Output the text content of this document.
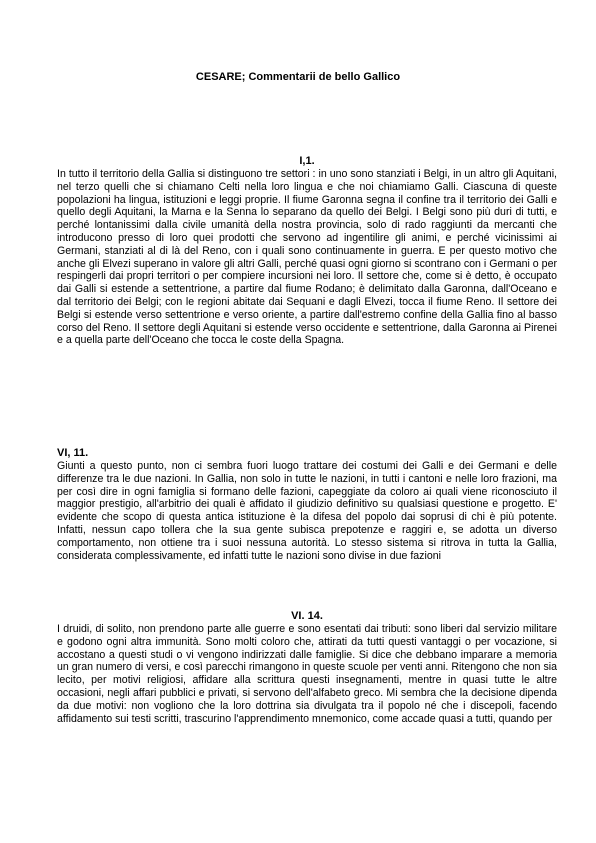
CESARE; Commentarii de bello Gallico
I,1.

In tutto il territorio della Gallia si distinguono tre settori : in uno sono stanziati i Belgi, in un altro gli Aquitani, nel terzo quelli che si chiamano Celti nella loro lingua e che noi chiamiamo Galli. Ciascuna di queste popolazioni ha lingua, istituzioni e leggi proprie. Il fiume Garonna segna il confine tra il territorio dei Galli e quello degli Aquitani, la Marna e la Senna lo separano da quello dei Belgi. I Belgi sono più duri di tutti, e perché lontanissimi dalla civile umanità della nostra provincia, solo di rado raggiunti da mercanti che introducono presso di loro quei prodotti che servono ad ingentilire gli animi, e perché vicinissimi ai Germani, stanziati al di là del Reno, con i quali sono continuamente in guerra. E per questo motivo che anche gli Elvezi superano in valore gli altri Galli, perché quasi ogni giorno si scontrano con i Germani o per respingerli dai propri territori o per compiere incursioni nei loro. Il settore che, come si è detto, è occupato dai Galli si estende a settentrione, a partire dal fiume Rodano; è delimitato dalla Garonna, dall'Oceano e dal territorio dei Belgi; con le regioni abitate dai Sequani e dagli Elvezi, tocca il fiume Reno. Il settore dei Belgi si estende verso settentrione e verso oriente, a partire dall'estremo confine della Gallia fino al basso corso del Reno. Il settore degli Aquitani si estende verso occidente e settentrione, dalla Garonna ai Pirenei e a quella parte dell'Oceano che tocca le coste della Spagna.

VI, 11.

Giunti a questo punto, non ci sembra fuori luogo trattare dei costumi dei Galli e dei Germani e delle differenze tra le due nazioni. In Gallia, non solo in tutte le nazioni, in tutti i cantoni e nelle loro frazioni, ma per così dire in ogni famiglia si formano delle fazioni, capeggiate da coloro ai quali viene riconosciuto il maggior prestigio, all'arbitrio dei quali è affidato il giudizio definitivo su qualsiasi questione e progetto. E' evidente che scopo di questa antica istituzione è la difesa del popolo dai soprusi di chi è più potente. Infatti, nessun capo tollera che la sua gente subisca prepotenze e raggiri e, se adotta un diverso comportamento, non ottiene tra i suoi nessuna autorità. Lo stesso sistema si ritrova in tutta la Gallia, considerata complessivamente, ed infatti tutte le nazioni sono divise in due fazioni

VI. 14.

I druidi, di solito, non prendono parte alle guerre e sono esentati dai tributi: sono liberi dal servizio militare e godono ogni altra immunità. Sono molti coloro che, attirati da tutti questi vantaggi o per vocazione, si accostano a questi studi o vi vengono indirizzati dalle famiglie. Si dice che debbano imparare a memoria un gran numero di versi, e così parecchi rimangono in queste scuole per venti anni. Ritengono che non sia lecito, per motivi religiosi, affidare alla scrittura questi insegnamenti, mentre in quasi tutte le altre occasioni, negli affari pubblici e privati, si servono dell'alfabeto greco. Mi sembra che la decisione dipenda da due motivi: non vogliono che la loro dottrina sia divulgata tra il popolo né che i discepoli, facendo affidamento sui testi scritti, trascurino l'apprendimento mnemonico, come accade quasi a tutti, quando per
